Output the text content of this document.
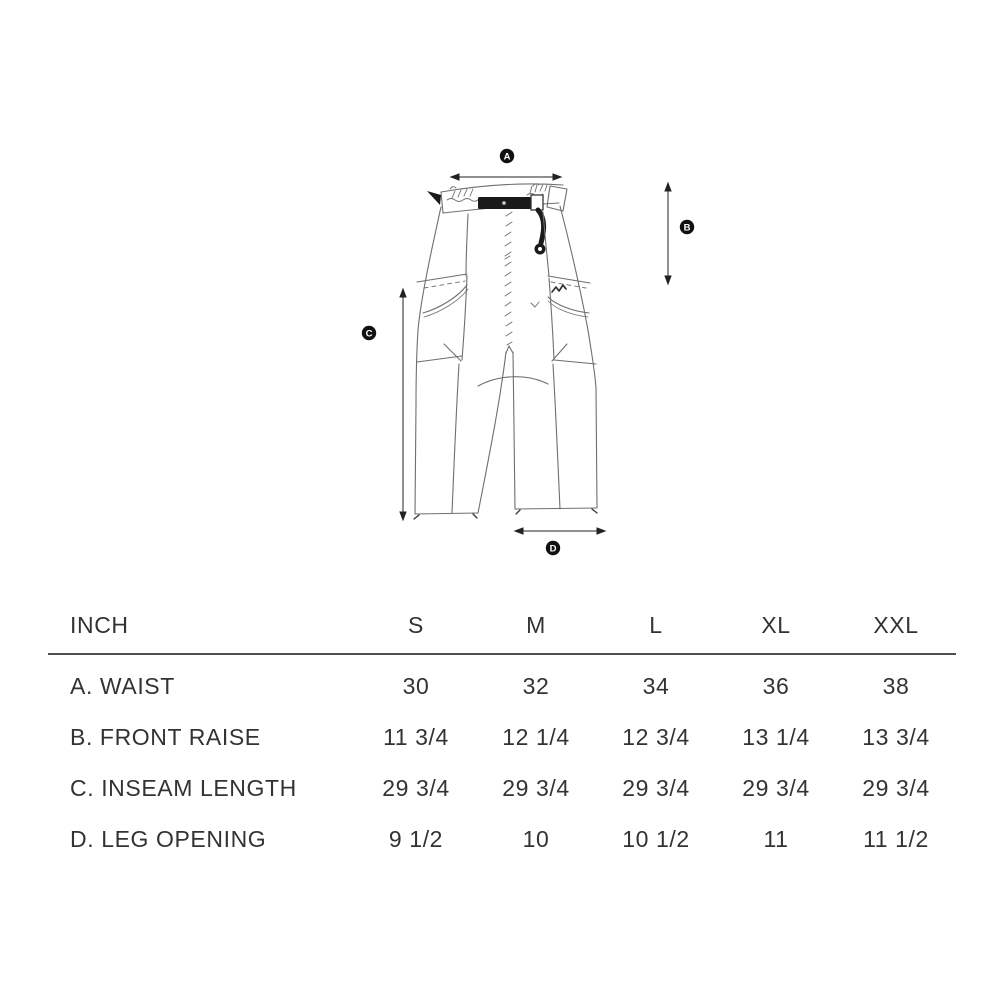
A
B
C
D
INCH	S	M	L	XL	XXL
A. WAIST	30	32	34	36	38
B. FRONT RAISE	11 3/4	12 1/4	12 3/4	13 1/4	13 3/4
C. INSEAM LENGTH	29 3/4	29 3/4	29 3/4	29 3/4	29 3/4
D. LEG OPENING	9 1/2	10	10 1/2	11	11 1/2
